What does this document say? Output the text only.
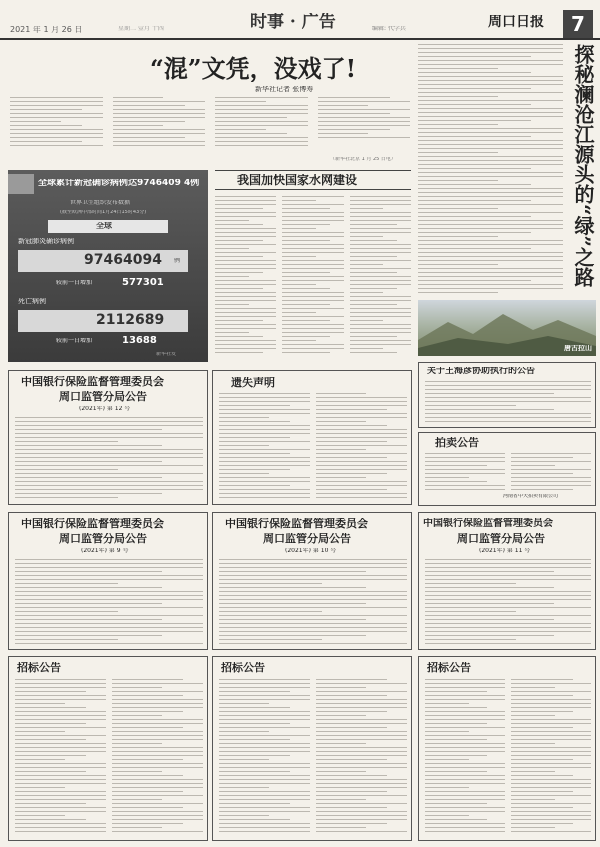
2021 年 1 月 26 日	星期二 壹月 十四	时事 · 广告	编辑: 代学兵	周口日报 7
“混”文凭，没戏了!
新华社记者 张博寿
（新华社北京 1 月 25 日电）	探秘澜沧江源头的“绿”之路
唐古拉山
全球累计新冠确诊病例达9746409 4例
世界卫生组织发布数据
(截至欧洲中部时间1月24日15时43分)
全球
新冠肺炎确诊病例
97464094 例
较前一日增加	577301
死亡病例
2112689
较前一日增加	13688
新华社发
我国加快国家水网建设
中国银行保险监督管理委员会
周口监管分局公告
(2021年) 第 12 号
遗失声明
关于王海彦协助执行的公告
拍卖公告
河南省中天拍卖有限公司
中国银行保险监督管理委员会
周口监管分局公告
(2021年) 第 9 号
中国银行保险监督管理委员会
周口监管分局公告
(2021年) 第 10 号
中国银行保险监督管理委员会
周口监管分局公告
(2021年) 第 11 号
招标公告	招标公告	招标公告
